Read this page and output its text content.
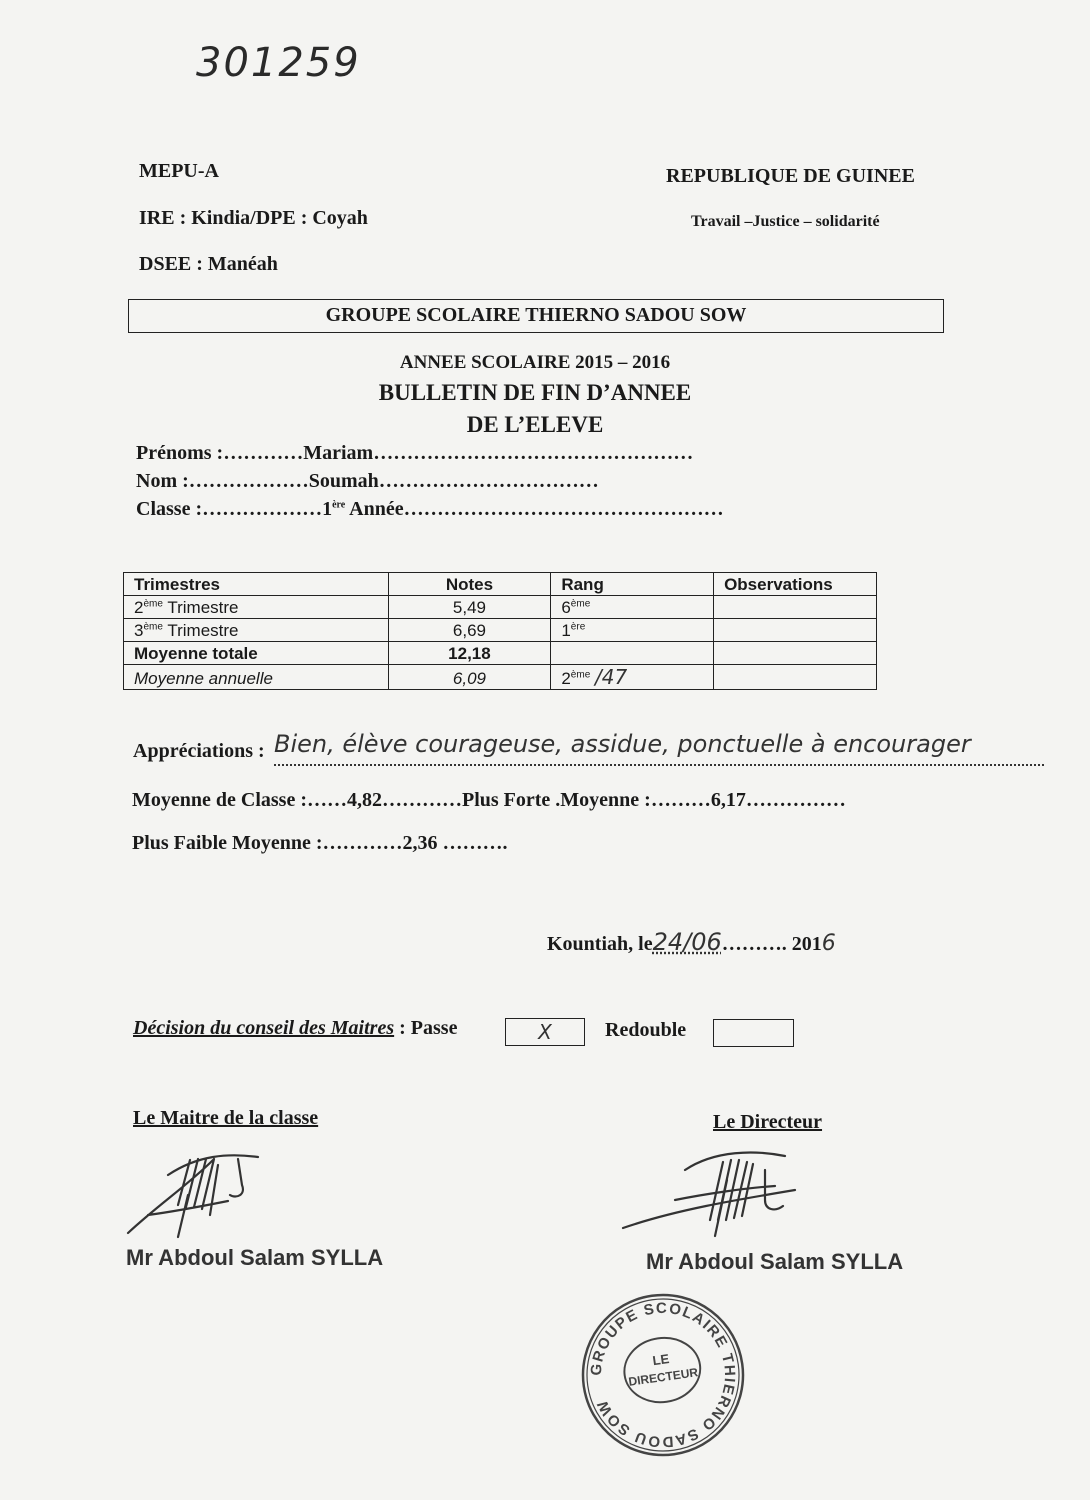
301259
MEPU-A
IRE : Kindia/DPE : Coyah
DSEE : Manéah
REPUBLIQUE DE GUINEE
Travail –Justice – solidarité
GROUPE SCOLAIRE THIERNO SADOU SOW
ANNEE SCOLAIRE 2015 – 2016
BULLETIN DE FIN D’ANNEE
DE L’ELEVE
Prénoms :…………Mariam…………………………………………
Nom :………………Soumah……………………………
Classe :………………1ère Année…………………………………………
Trimestres	Notes	Rang	Observations
2ème Trimestre	5,49	6ème	
3ème Trimestre	6,69	1ère	
Moyenne totale	12,18		
Moyenne annuelle	6,09	2ème /47	
Appréciations : Bien, élève courageuse, assidue, ponctuelle à encourager
Moyenne de Classe :……4,82…………Plus Forte .Moyenne :………6,17……………
Plus Faible Moyenne :…………2,36 ……….
Kountiah, le24/06………. 2016
Décision du conseil des Maitres : Passe	X	Redouble
Le Maitre de la classe	Le Directeur
Mr Abdoul Salam SYLLA	Mr Abdoul Salam SYLLA
GROUPE SCOLAIRE THIERNO SADOU SOW
LE
DIRECTEUR
